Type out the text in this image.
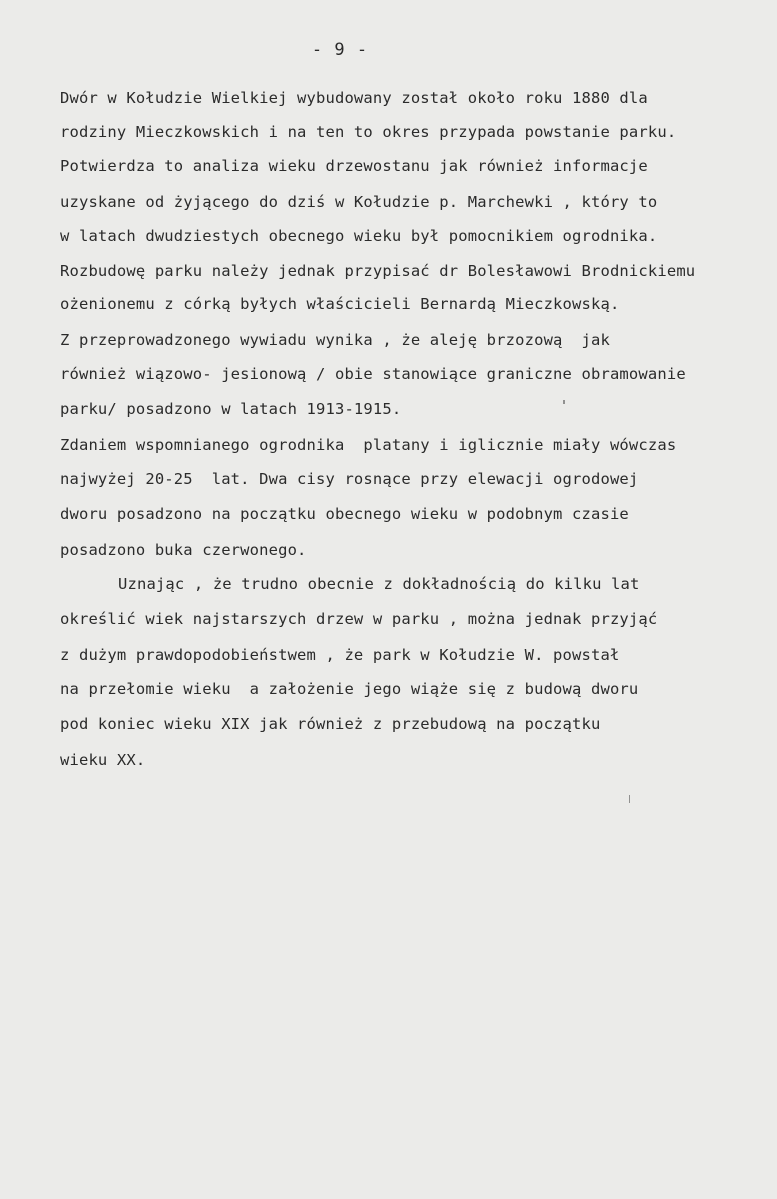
- 9 -
Dwór w Kołudzie Wielkiej wybudowany został około roku 1880 dla
rodziny Mieczkowskich i na ten to okres przypada powstanie parku.
Potwierdza to analiza wieku drzewostanu jak również informacje
uzyskane od żyjącego do dziś w Kołudzie p. Marchewki , który to
w latach dwudziestych obecnego wieku był pomocnikiem ogrodnika.
Rozbudowę parku należy jednak przypisać dr Bolesławowi Brodnickiemu
ożenionemu z córką byłych właścicieli Bernardą Mieczkowską.
Z przeprowadzonego wywiadu wynika , że aleję brzozową  jak
również wiązowo- jesionową / obie stanowiące graniczne obramowanie
parku/ posadzono w latach 1913-1915.
Zdaniem wspomnianego ogrodnika  platany i iglicznie miały wówczas
najwyżej 20-25  lat. Dwa cisy rosnące przy elewacji ogrodowej
dworu posadzono na początku obecnego wieku w podobnym czasie
posadzono buka czerwonego.
Uznając , że trudno obecnie z dokładnością do kilku lat
określić wiek najstarszych drzew w parku , można jednak przyjąć
z dużym prawdopodobieństwem , że park w Kołudzie W. powstał
na przełomie wieku  a założenie jego wiąże się z budową dworu
pod koniec wieku XIX jak również z przebudową na początku
wieku XX.
